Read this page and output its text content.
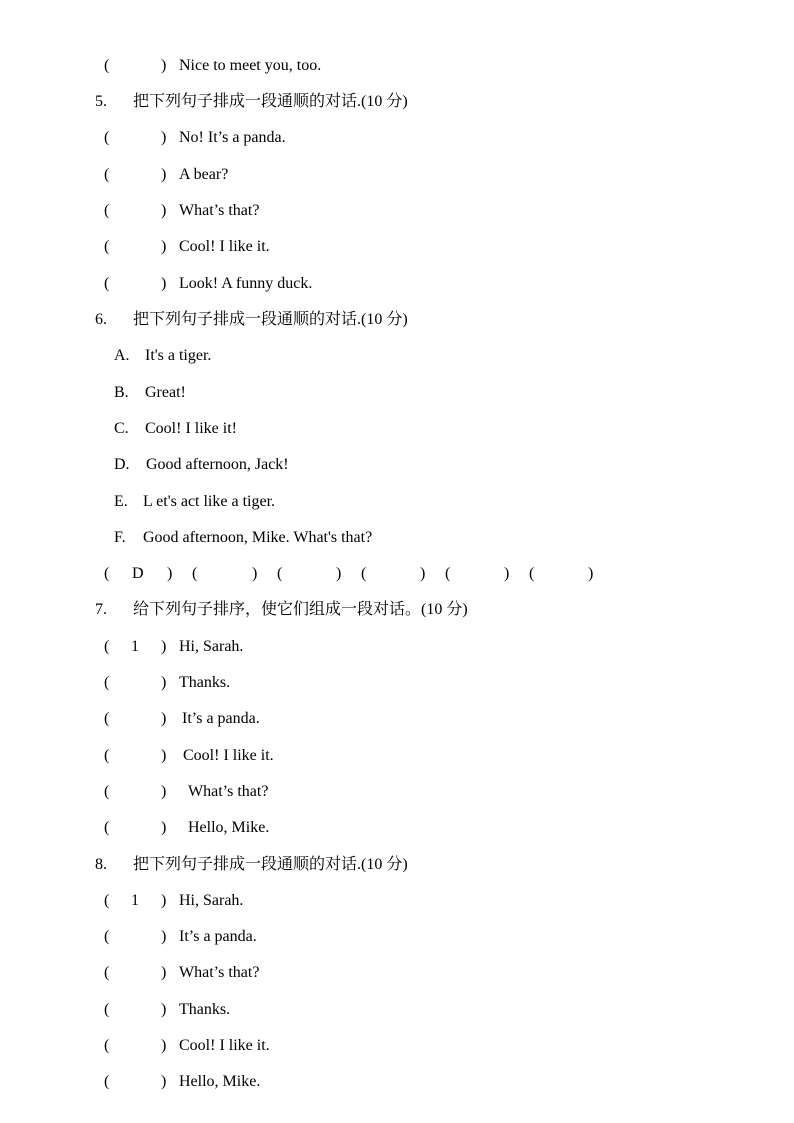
(	) Nice to meet you, too.
5. 把下列句子排成一段通顺的对话.(10 分)
(	) No! It’s a panda.
(	) A bear?
(	) What’s that?
(	) Cool! I like it.
(	) Look! A funny duck.
6. 把下列句子排成一段通顺的对话.(10 分)
A. It's a tiger.
B. Great!
C. Cool! I like it!
D. Good afternoon, Jack!
E. L et's act like a tiger.
F. Good afternoon, Mike. What's that?
( D ) (	) (	) (	) (	) (	)
7. 给下列句子排序，使它们组成一段对话。(10 分)
( 1 ) Hi, Sarah.
(	) Thanks.
(	) It’s a panda.
(	) Cool! I like it.
(	) What’s that?
(	) Hello, Mike.
8. 把下列句子排成一段通顺的对话.(10 分)
( 1 ) Hi, Sarah.
(	) It’s a panda.
(	) What’s that?
(	) Thanks.
(	) Cool! I like it.
(	) Hello, Mike.
